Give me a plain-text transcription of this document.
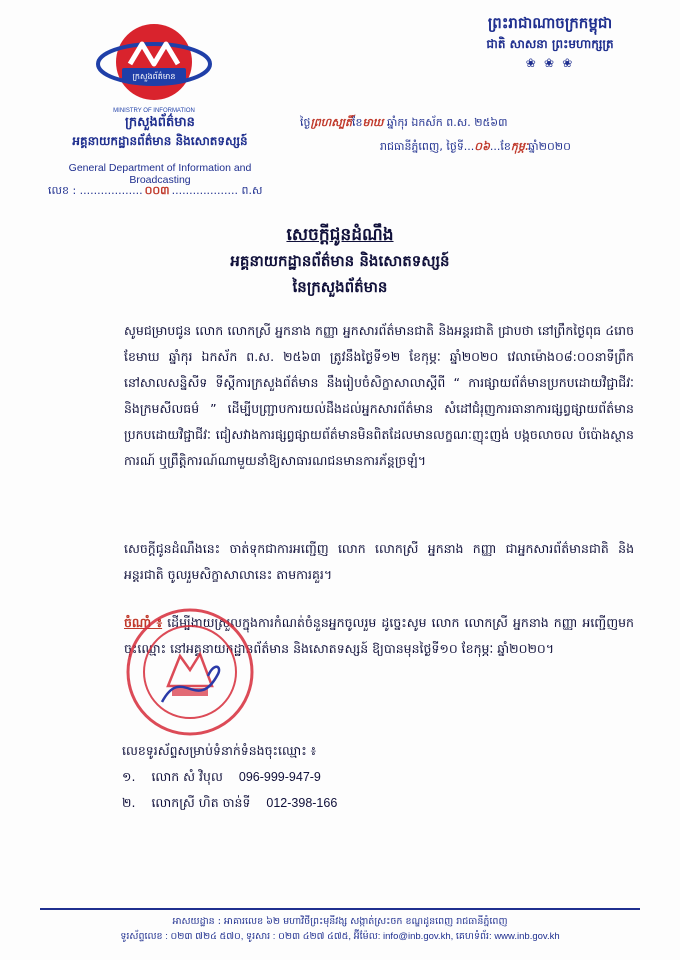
ក្រសួងព័ត៌មាន
MINISTRY OF INFORMATION
ក្រសួងព័ត៌មាន
អគ្គនាយកដ្ឋានព័ត៌មាន និងសោតទស្សន៍
General Department of Information and Broadcasting
លេខ : .................. ០០៣ ................... ព.ស
ព្រះរាជាណាចក្រកម្ពុជា
ជាតិ សាសនា ព្រះមហាក្សត្រ
❀ ❀ ❀
ថ្ងៃព្រហស្បតិ៍ខែមាឃ ឆ្នាំកុរ ឯកស័ក ព.ស. ២៥៦៣
រាជធានីភ្នំពេញ, ថ្ងៃទី...០៦...ខែកុម្ភៈឆ្នាំ២០២០
សេចក្តីជូនដំណឹង
អគ្គនាយកដ្ឋានព័ត៌មាន និងសោតទស្សន៍
នៃក្រសួងព័ត៌មាន
សូមជម្រាបជូន លោក លោកស្រី អ្នកនាង កញ្ញា អ្នកសារព័ត៌មានជាតិ និងអន្តរជាតិ ជ្រាបថា នៅព្រឹកថ្ងៃពុធ ៤រោច ខែមាឃ ឆ្នាំកុរ ឯកស័ក ព.ស. ២៥៦៣ ត្រូវនឹងថ្ងៃទី១២ ខែកុម្ភៈ ឆ្នាំ២០២០ វេលាម៉ោង០៨:០០នាទីព្រឹក នៅសាលសន្និសីទ ទីស្តីការក្រសួងព័ត៌មាន នឹងរៀបចំសិក្ខាសាលាស្តីពី “ ការផ្សាយព័ត៌មានប្រកបដោយវិជ្ជាជីវៈ និងក្រមសីលធម៌ ” ដើម្បីបញ្ជ្រាបការយល់ដឹងដល់អ្នកសារព័ត៌មាន សំដៅជំរុញការធានាការផ្សព្វផ្សាយព័ត៌មានប្រកបដោយវិជ្ជាជីវៈ ជៀសវាងការផ្សព្វផ្សាយព័ត៌មានមិនពិតដែលមានលក្ខណៈញុះញង់ បង្កចលាចល បំប៉ោងស្ថានការណ៍ ឬព្រឹត្តិការណ៍ណាមួយនាំឱ្យសាធារណជនមានការភ័ន្តច្រឡំ។
សេចក្តីជូនដំណឹងនេះ ចាត់ទុកជាការអញ្ជើញ លោក លោកស្រី អ្នកនាង កញ្ញា ជាអ្នកសារព័ត៌មានជាតិ និងអន្តរជាតិ ចូលរួមសិក្ខាសាលានេះ តាមការគួរ។
ចំណាំ ៖ ដើម្បីងាយស្រួលក្នុងការកំណត់ចំនួនអ្នកចូលរួម ដូច្នេះសូម លោក លោកស្រី អ្នកនាង កញ្ញា អញ្ជើញមកចុះឈ្មោះ នៅអគ្គនាយកដ្ឋានព័ត៌មាន និងសោតទស្សន៍ ឱ្យបានមុនថ្ងៃទី១០ ខែកុម្ភៈ ឆ្នាំ២០២០។
លេខទូរស័ព្ទសម្រាប់ទំនាក់ទំនងចុះឈ្មោះ ៖
១. លោក សំ វិបុល 096-999-947-9
២. លោកស្រី ហិត ចាន់ទី 012-398-166
អាសយដ្ឋាន : អាគារលេខ ៦២ មហាវិថីព្រះមុនីវង្ស សង្កាត់ស្រះចក ខណ្ឌដូនពេញ រាជធានីភ្នំពេញ
ទូរស័ព្ទលេខ : ០២៣ ៧២៤ ៥៧០, ទូរសារ : ០២៣ ៤២៧ ៤៧៥, អ៊ីម៉ែល: info@inb.gov.kh, គេហទំព័រ: www.inb.gov.kh
